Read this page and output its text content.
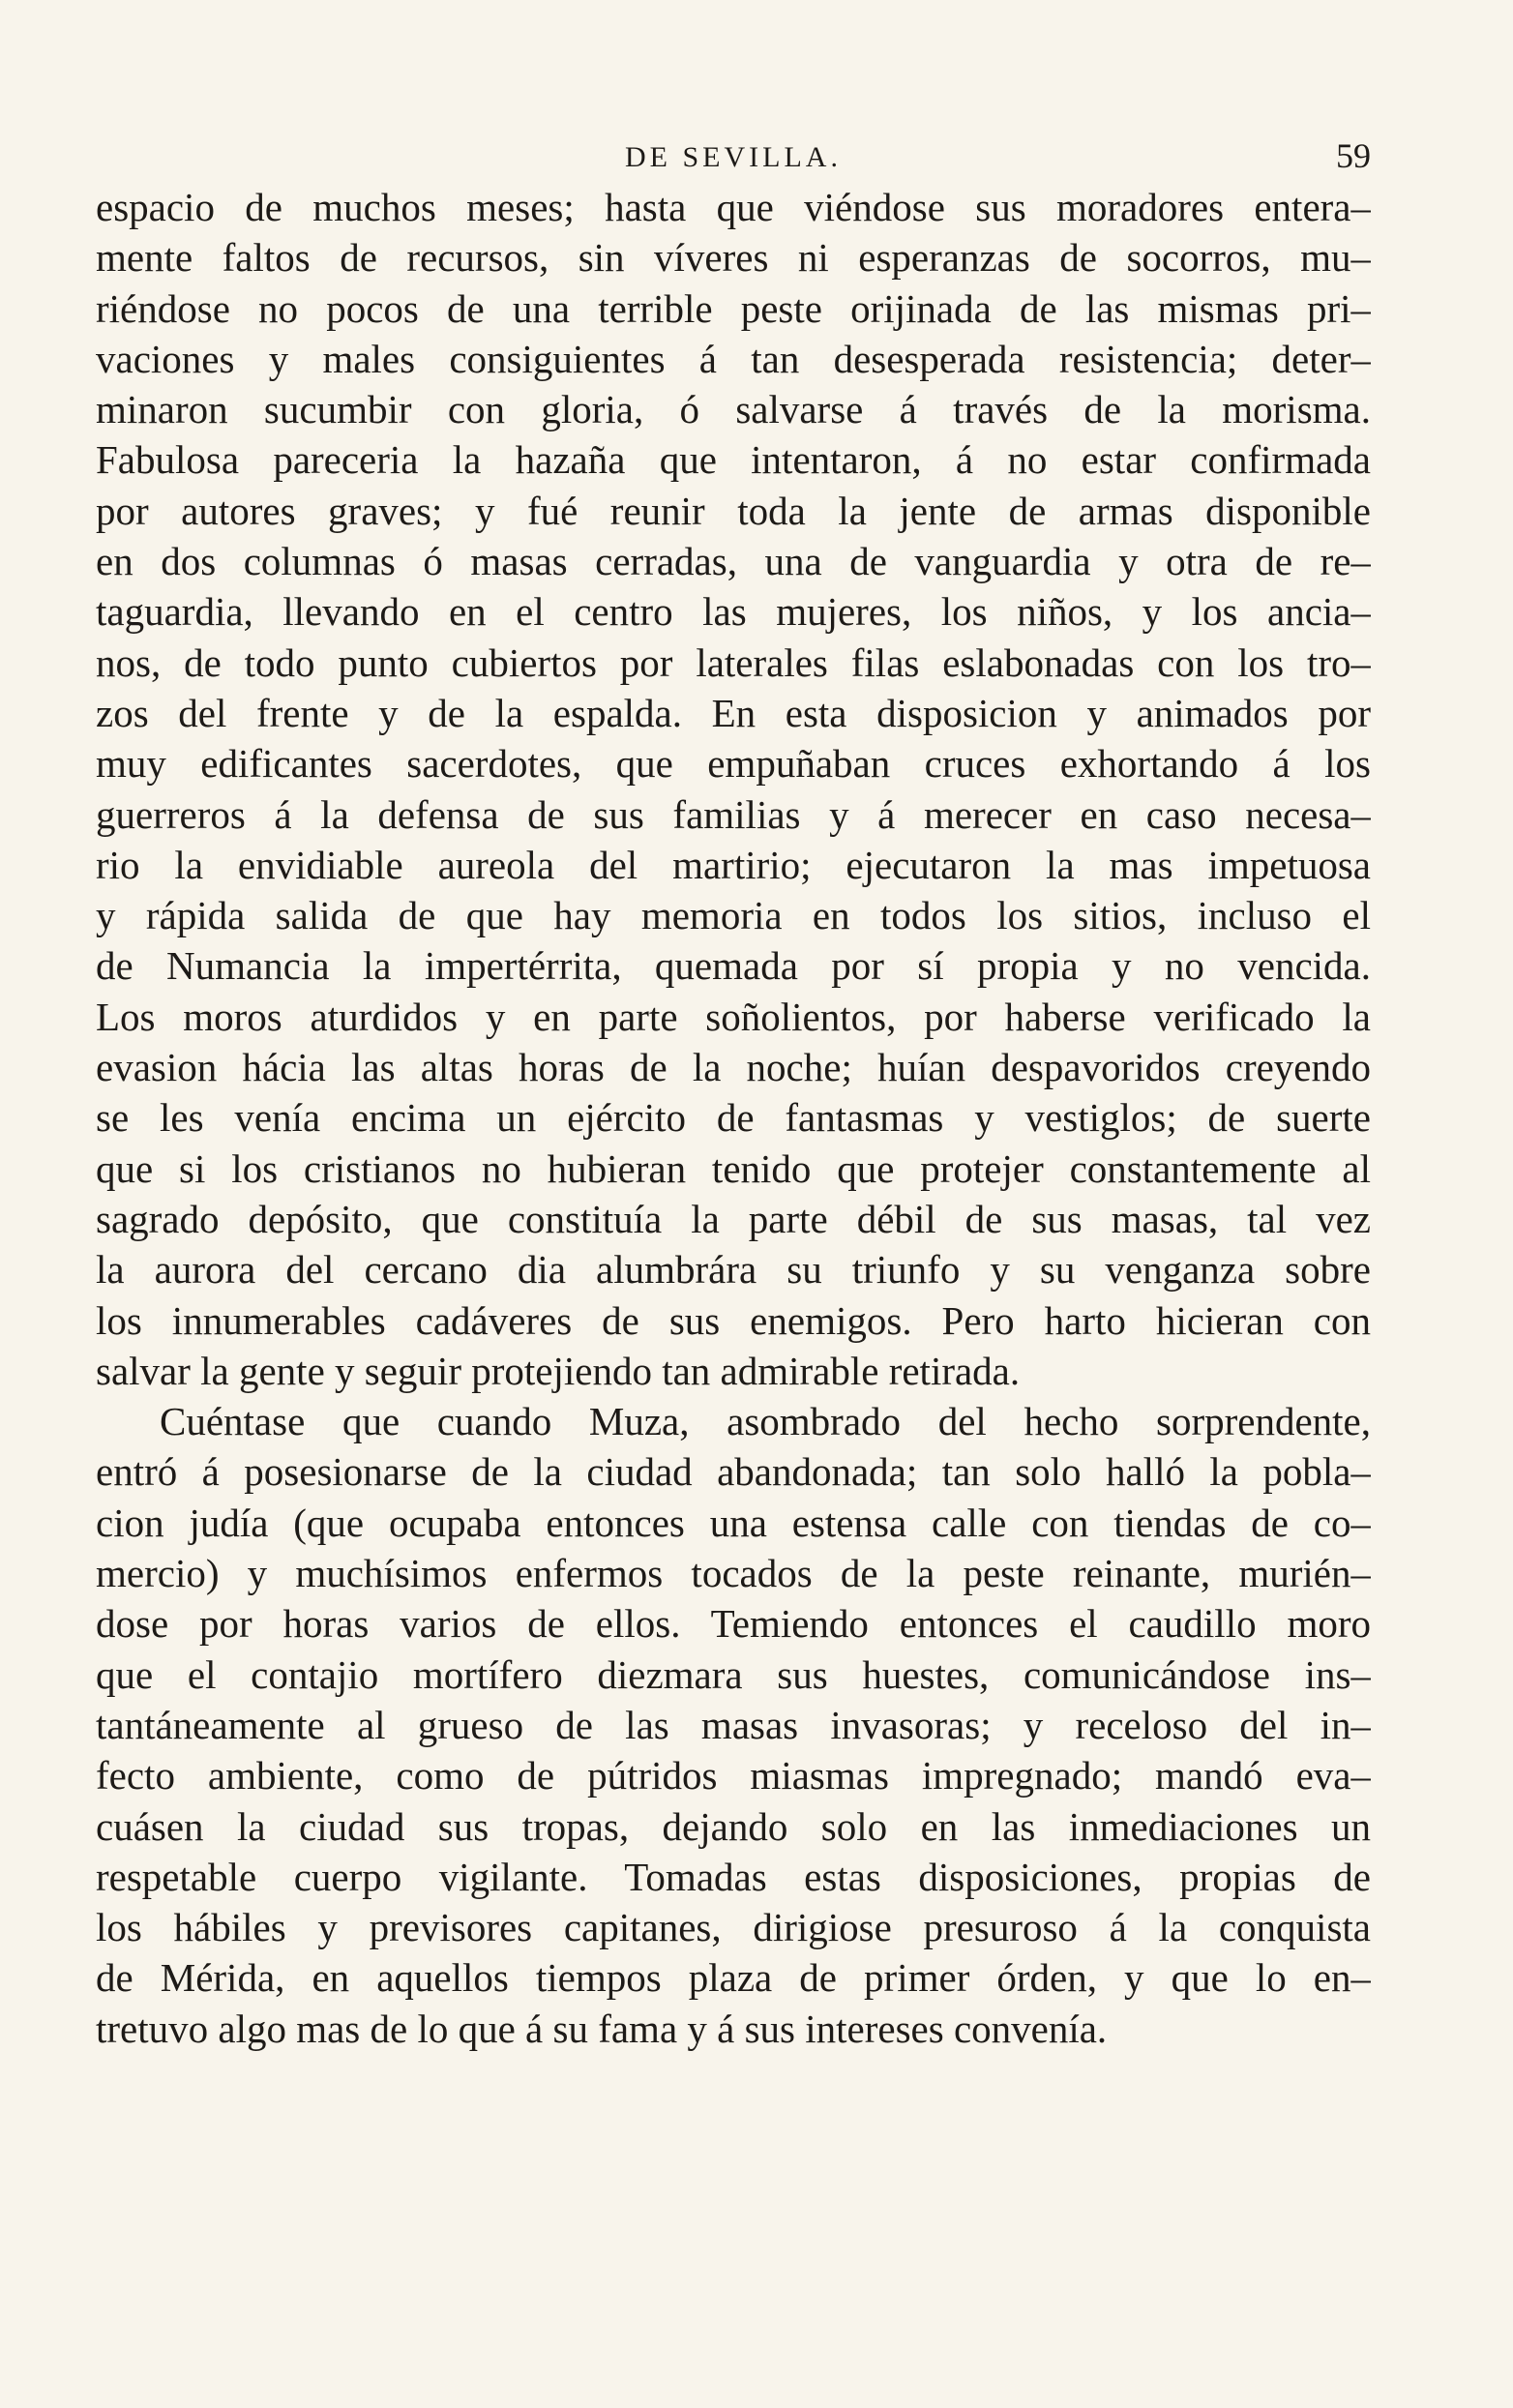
DE SEVILLA.	59
espacio de muchos meses; hasta que viéndose sus moradores entera–
mente faltos de recursos, sin víveres ni esperanzas de socorros, mu–
riéndose no pocos de una terrible peste orijinada de las mismas pri–
vaciones y males consiguientes á tan desesperada resistencia; deter–
minaron sucumbir con gloria, ó salvarse á través de la morisma.
Fabulosa pareceria la hazaña que intentaron, á no estar confirmada
por autores graves; y fué reunir toda la jente de armas disponible
en dos columnas ó masas cerradas, una de vanguardia y otra de re–
taguardia, llevando en el centro las mujeres, los niños, y los ancia–
nos, de todo punto cubiertos por laterales filas eslabonadas con los tro–
zos del frente y de la espalda. En esta disposicion y animados por
muy edificantes sacerdotes, que empuñaban cruces exhortando á los
guerreros á la defensa de sus familias y á merecer en caso necesa–
rio la envidiable aureola del martirio; ejecutaron la mas impetuosa
y rápida salida de que hay memoria en todos los sitios, incluso el
de Numancia la impertérrita, quemada por sí propia y no vencida.
Los moros aturdidos y en parte soñolientos, por haberse verificado la
evasion hácia las altas horas de la noche; huían despavoridos creyendo
se les venía encima un ejército de fantasmas y vestiglos; de suerte
que si los cristianos no hubieran tenido que protejer constantemente al
sagrado depósito, que constituía la parte débil de sus masas, tal vez
la aurora del cercano dia alumbrára su triunfo y su venganza sobre
los innumerables cadáveres de sus enemigos. Pero harto hicieran con
salvar la gente y seguir protejiendo tan admirable retirada.
Cuéntase que cuando Muza, asombrado del hecho sorprendente,
entró á posesionarse de la ciudad abandonada; tan solo halló la pobla–
cion judía (que ocupaba entonces una estensa calle con tiendas de co–
mercio) y muchísimos enfermos tocados de la peste reinante, murién–
dose por horas varios de ellos. Temiendo entonces el caudillo moro
que el contajio mortífero diezmara sus huestes, comunicándose ins–
tantáneamente al grueso de las masas invasoras; y receloso del in–
fecto ambiente, como de pútridos miasmas impregnado; mandó eva–
cuásen la ciudad sus tropas, dejando solo en las inmediaciones un
respetable cuerpo vigilante. Tomadas estas disposiciones, propias de
los hábiles y previsores capitanes, dirigiose presuroso á la conquista
de Mérida, en aquellos tiempos plaza de primer órden, y que lo en–
tretuvo algo mas de lo que á su fama y á sus intereses convenía.
